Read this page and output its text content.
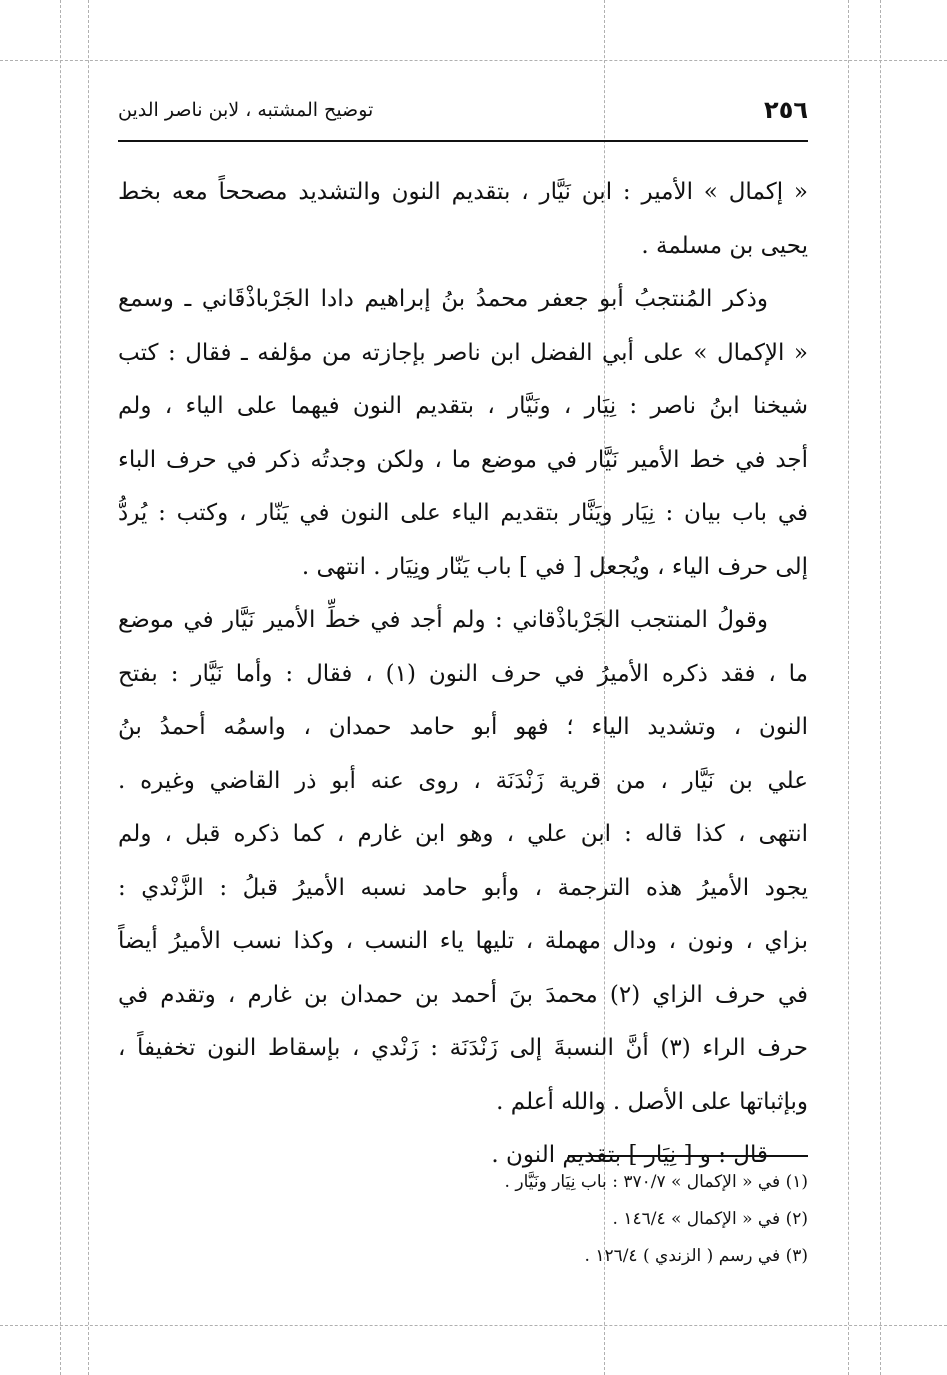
٢٥٦
توضيح المشتبه ، لابن ناصر الدين

« إكمال » الأمير : ابن نَيَّار ، بتقديم النون والتشديد مصححاً معه بخط
يحيى بن مسلمة .

وذكر المُنتجبُ أبو جعفر محمدُ بنُ إبراهيم دادا الجَرْباذْقَاني ـ وسمع
« الإكمال » على أبي الفضل ابن ناصر بإجازته من مؤلفه ـ فقال : كتب
شيخنا ابنُ ناصر : نِيَار ، ونَيَّار ، بتقديم النون فيهما على الياء ، ولم
أجد في خط الأمير نَيَّار في موضع ما ، ولكن وجدتُه ذكر في حرف الباء
في باب بيان : نِيَار ويَنَّار بتقديم الياء على النون في يَنّار ، وكتب : يُردُّ
إلى حرف الياء ، ويُجعل [ في ] باب يَنّار ونِيَار . انتهى .

وقولُ المنتجب الجَرْباذْقاني : ولم أجد في خطِّ الأمير نَيَّار في موضع
ما ، فقد ذكره الأميرُ في حرف النون (١) ، فقال : وأما نَيَّار : بفتح
النون ، وتشديد الياء ؛ فهو أبو حامد حمدان ، واسمُه أحمدُ بنُ
علي بن نَيَّار ، من قرية زَنْدَنَة ، روى عنه أبو ذر القاضي وغيره .
انتهى ، كذا قاله : ابن علي ، وهو ابن غارم ، كما ذكره قبل ، ولم
يجود الأميرُ هذه الترجمة ، وأبو حامد نسبه الأميرُ قبلُ : الزَّنْدي :
بزاي ، ونون ، ودال مهملة ، تليها ياء النسب ، وكذا نسب الأميرُ أيضاً
في حرف الزاي (٢) محمدَ بنَ أحمد بن حمدان بن غارم ، وتقدم في
حرف الراء (٣) أنَّ النسبةَ إلى زَنْدَنَة : زَنْدي ، بإسقاط النون تخفيفاً ،
وبإثباتها على الأصل . والله أعلم .

قال : و [ نِيَار ] بتقديم النون .

(١) في « الإكمال » ٣٧٠/٧ : باب نِيَار ونَيَّار .
(٢) في « الإكمال » ١٤٦/٤ .
(٣) في رسم ( الزندي ) ١٢٦/٤ .
